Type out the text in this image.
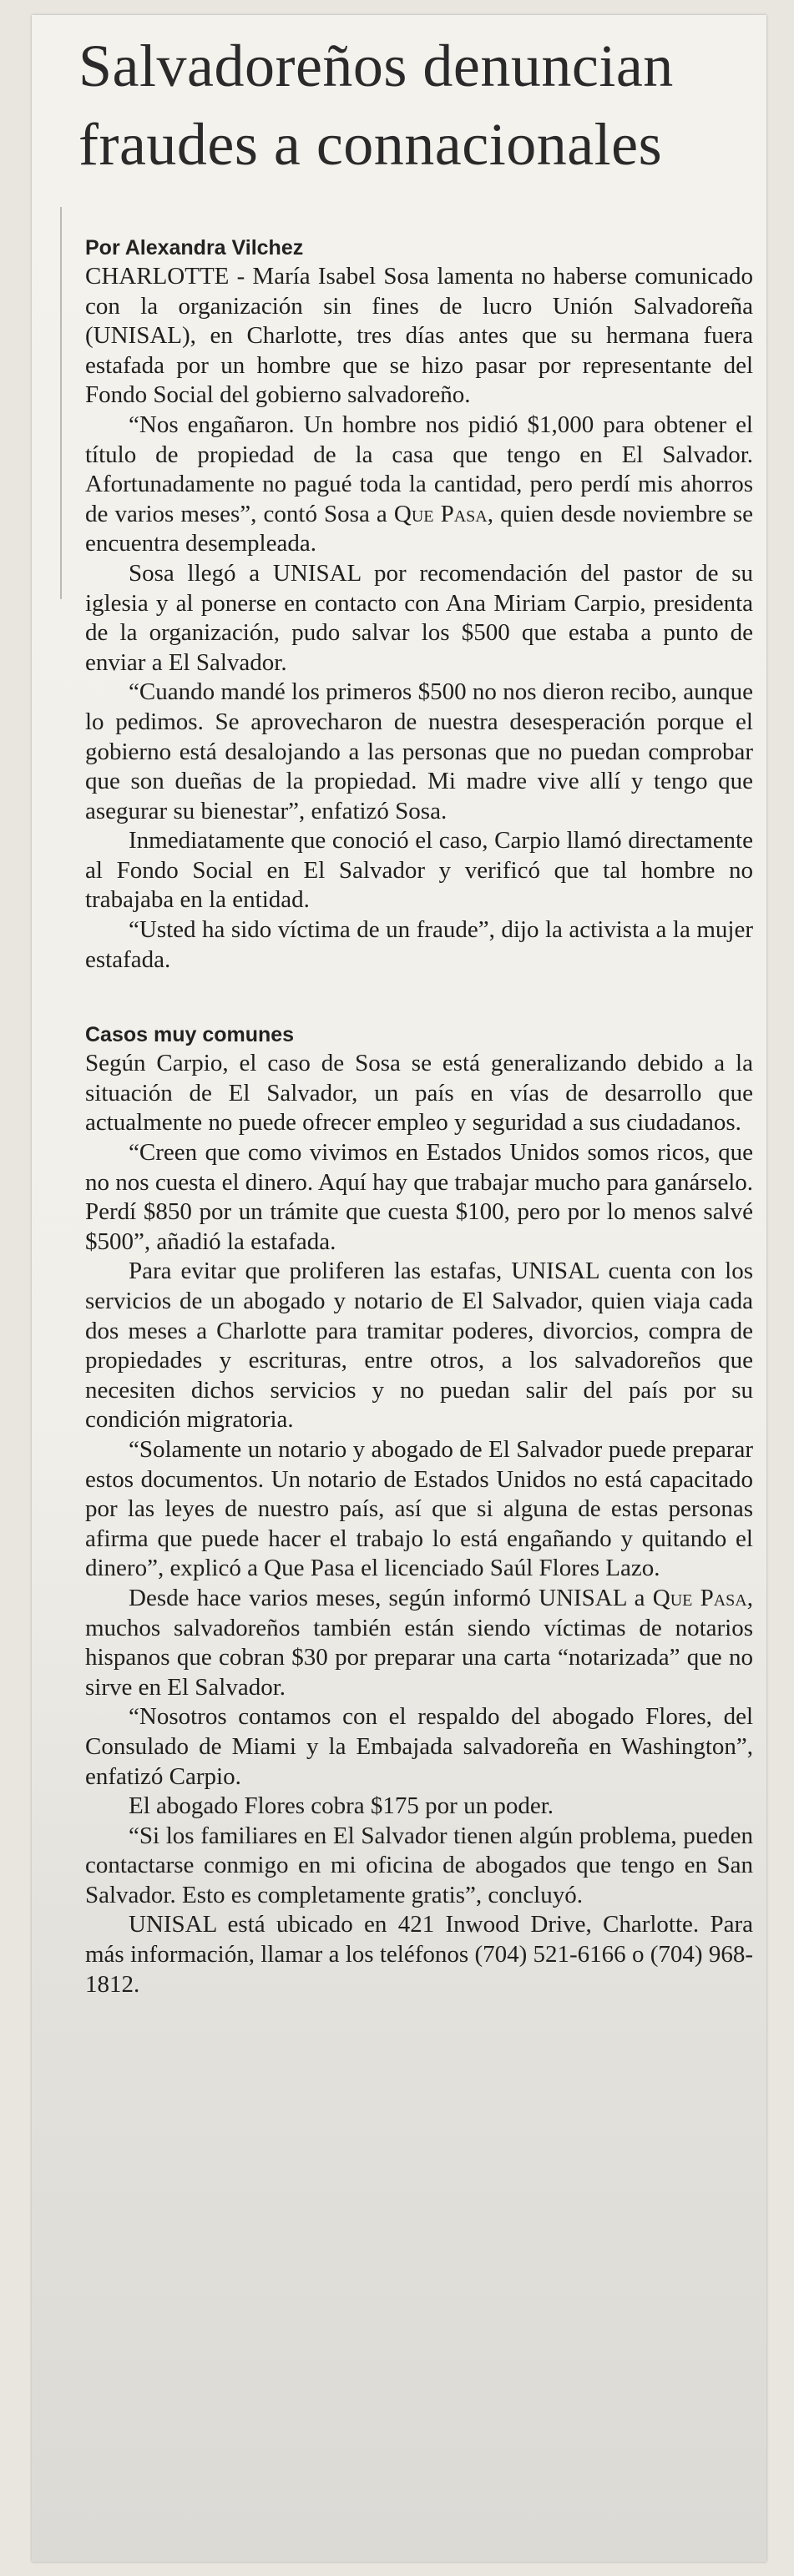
Salvadoreños denuncian fraudes a connacionales
Por Alexandra Vilchez

CHARLOTTE - María Isabel Sosa lamenta no haberse comunicado con la organización sin fines de lucro Unión Salvadoreña (UNISAL), en Charlotte, tres días antes que su hermana fuera estafada por un hombre que se hizo pasar por representante del Fondo Social del gobierno salvadoreño.

“Nos engañaron. Un hombre nos pidió $1,000 para obtener el título de propiedad de la casa que tengo en El Salvador. Afortunadamente no pagué toda la cantidad, pero perdí mis ahorros de varios meses”, contó Sosa a Que Pasa, quien desde noviembre se encuentra desempleada.

Sosa llegó a UNISAL por recomendación del pastor de su iglesia y al ponerse en contacto con Ana Miriam Carpio, presidenta de la organización, pudo salvar los $500 que estaba a punto de enviar a El Salvador.

“Cuando mandé los primeros $500 no nos dieron recibo, aunque lo pedimos. Se aprovecharon de nuestra desesperación porque el gobierno está desalojando a las personas que no puedan comprobar que son dueñas de la propiedad. Mi madre vive allí y tengo que asegurar su bienestar”, enfatizó Sosa.

Inmediatamente que conoció el caso, Carpio llamó directamente al Fondo Social en El Salvador y verificó que tal hombre no trabajaba en la entidad.

“Usted ha sido víctima de un fraude”, dijo la activista a la mujer estafada.

Casos muy comunes

Según Carpio, el caso de Sosa se está generalizando debido a la situación de El Salvador, un país en vías de desarrollo que actualmente no puede ofrecer empleo y seguridad a sus ciudadanos.

“Creen que como vivimos en Estados Unidos somos ricos, que no nos cuesta el dinero. Aquí hay que trabajar mucho para ganárselo. Perdí $850 por un trámite que cuesta $100, pero por lo menos salvé $500”, añadió la estafada.

Para evitar que proliferen las estafas, UNISAL cuenta con los servicios de un abogado y notario de El Salvador, quien viaja cada dos meses a Charlotte para tramitar poderes, divorcios, compra de propiedades y escrituras, entre otros, a los salvadoreños que necesiten dichos servicios y no puedan salir del país por su condición migratoria.

“Solamente un notario y abogado de El Salvador puede preparar estos documentos. Un notario de Estados Unidos no está capacitado por las leyes de nuestro país, así que si alguna de estas personas afirma que puede hacer el trabajo lo está engañando y quitando el dinero”, explicó a Que Pasa el licenciado Saúl Flores Lazo.

Desde hace varios meses, según informó UNISAL a Que Pasa, muchos salvadoreños también están siendo víctimas de notarios hispanos que cobran $30 por preparar una carta “notarizada” que no sirve en El Salvador.

“Nosotros contamos con el respaldo del abogado Flores, del Consulado de Miami y la Embajada salvadoreña en Washington”, enfatizó Carpio.

El abogado Flores cobra $175 por un poder.

“Si los familiares en El Salvador tienen algún problema, pueden contactarse conmigo en mi oficina de abogados que tengo en San Salvador. Esto es completamente gratis”, concluyó.

UNISAL está ubicado en 421 Inwood Drive, Charlotte. Para más información, llamar a los teléfonos (704) 521-6166 o (704) 968-1812.
